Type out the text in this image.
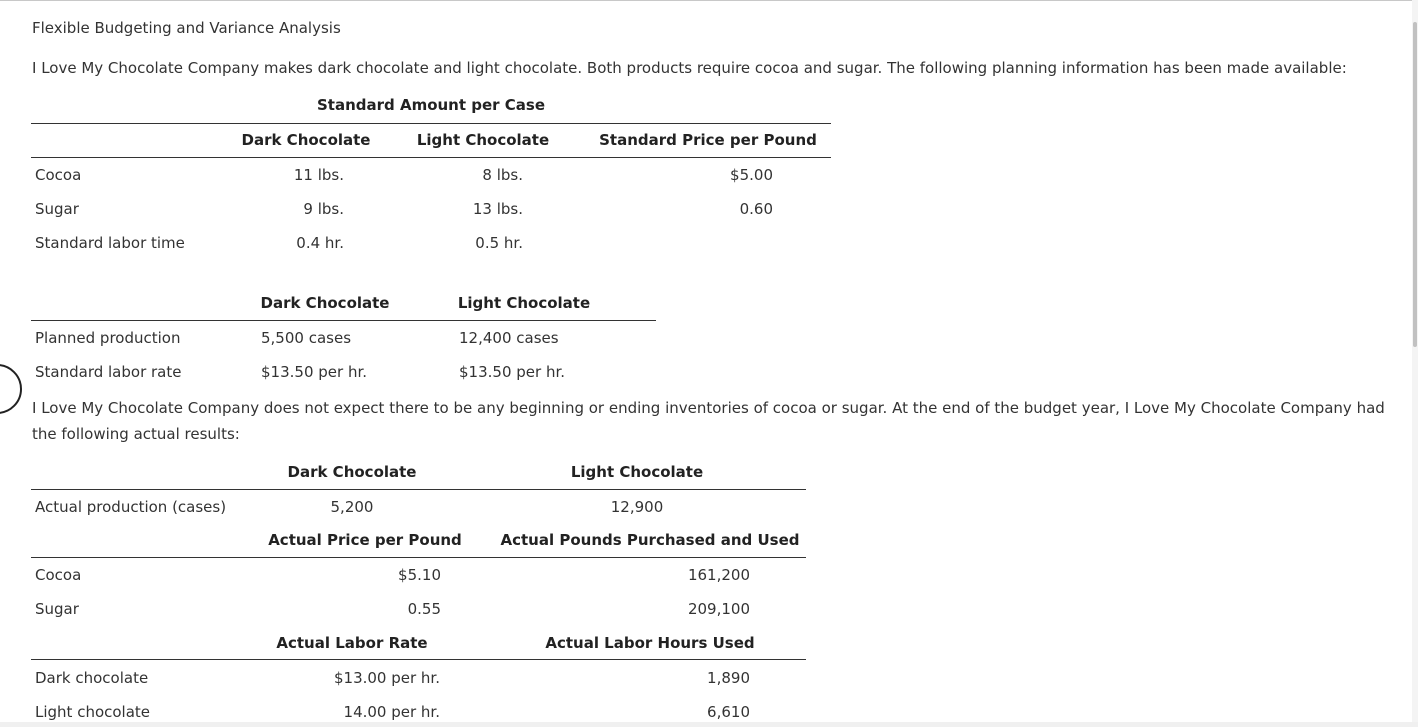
Flexible Budgeting and Variance Analysis
I Love My Chocolate Company makes dark chocolate and light chocolate. Both products require cocoa and sugar. The following planning information has been made available:
Standard Amount per Case
Dark Chocolate	Light Chocolate	Standard Price per Pound
Cocoa	11 lbs.	8 lbs.	$5.00
Sugar	9 lbs.	13 lbs.	0.60
Standard labor time	0.4 hr.	0.5 hr.
Dark Chocolate	Light Chocolate
Planned production	5,500 cases	12,400 cases
Standard labor rate	$13.50 per hr.	$13.50 per hr.
I Love My Chocolate Company does not expect there to be any beginning or ending inventories of cocoa or sugar. At the end of the budget year, I Love My Chocolate Company had the following actual results:
Dark Chocolate	Light Chocolate
Actual production (cases)	5,200	12,900
Actual Price per Pound	Actual Pounds Purchased and Used
Cocoa	$5.10	161,200
Sugar	0.55	209,100
Actual Labor Rate	Actual Labor Hours Used
Dark chocolate	$13.00 per hr.	1,890
Light chocolate	14.00 per hr.	6,610
